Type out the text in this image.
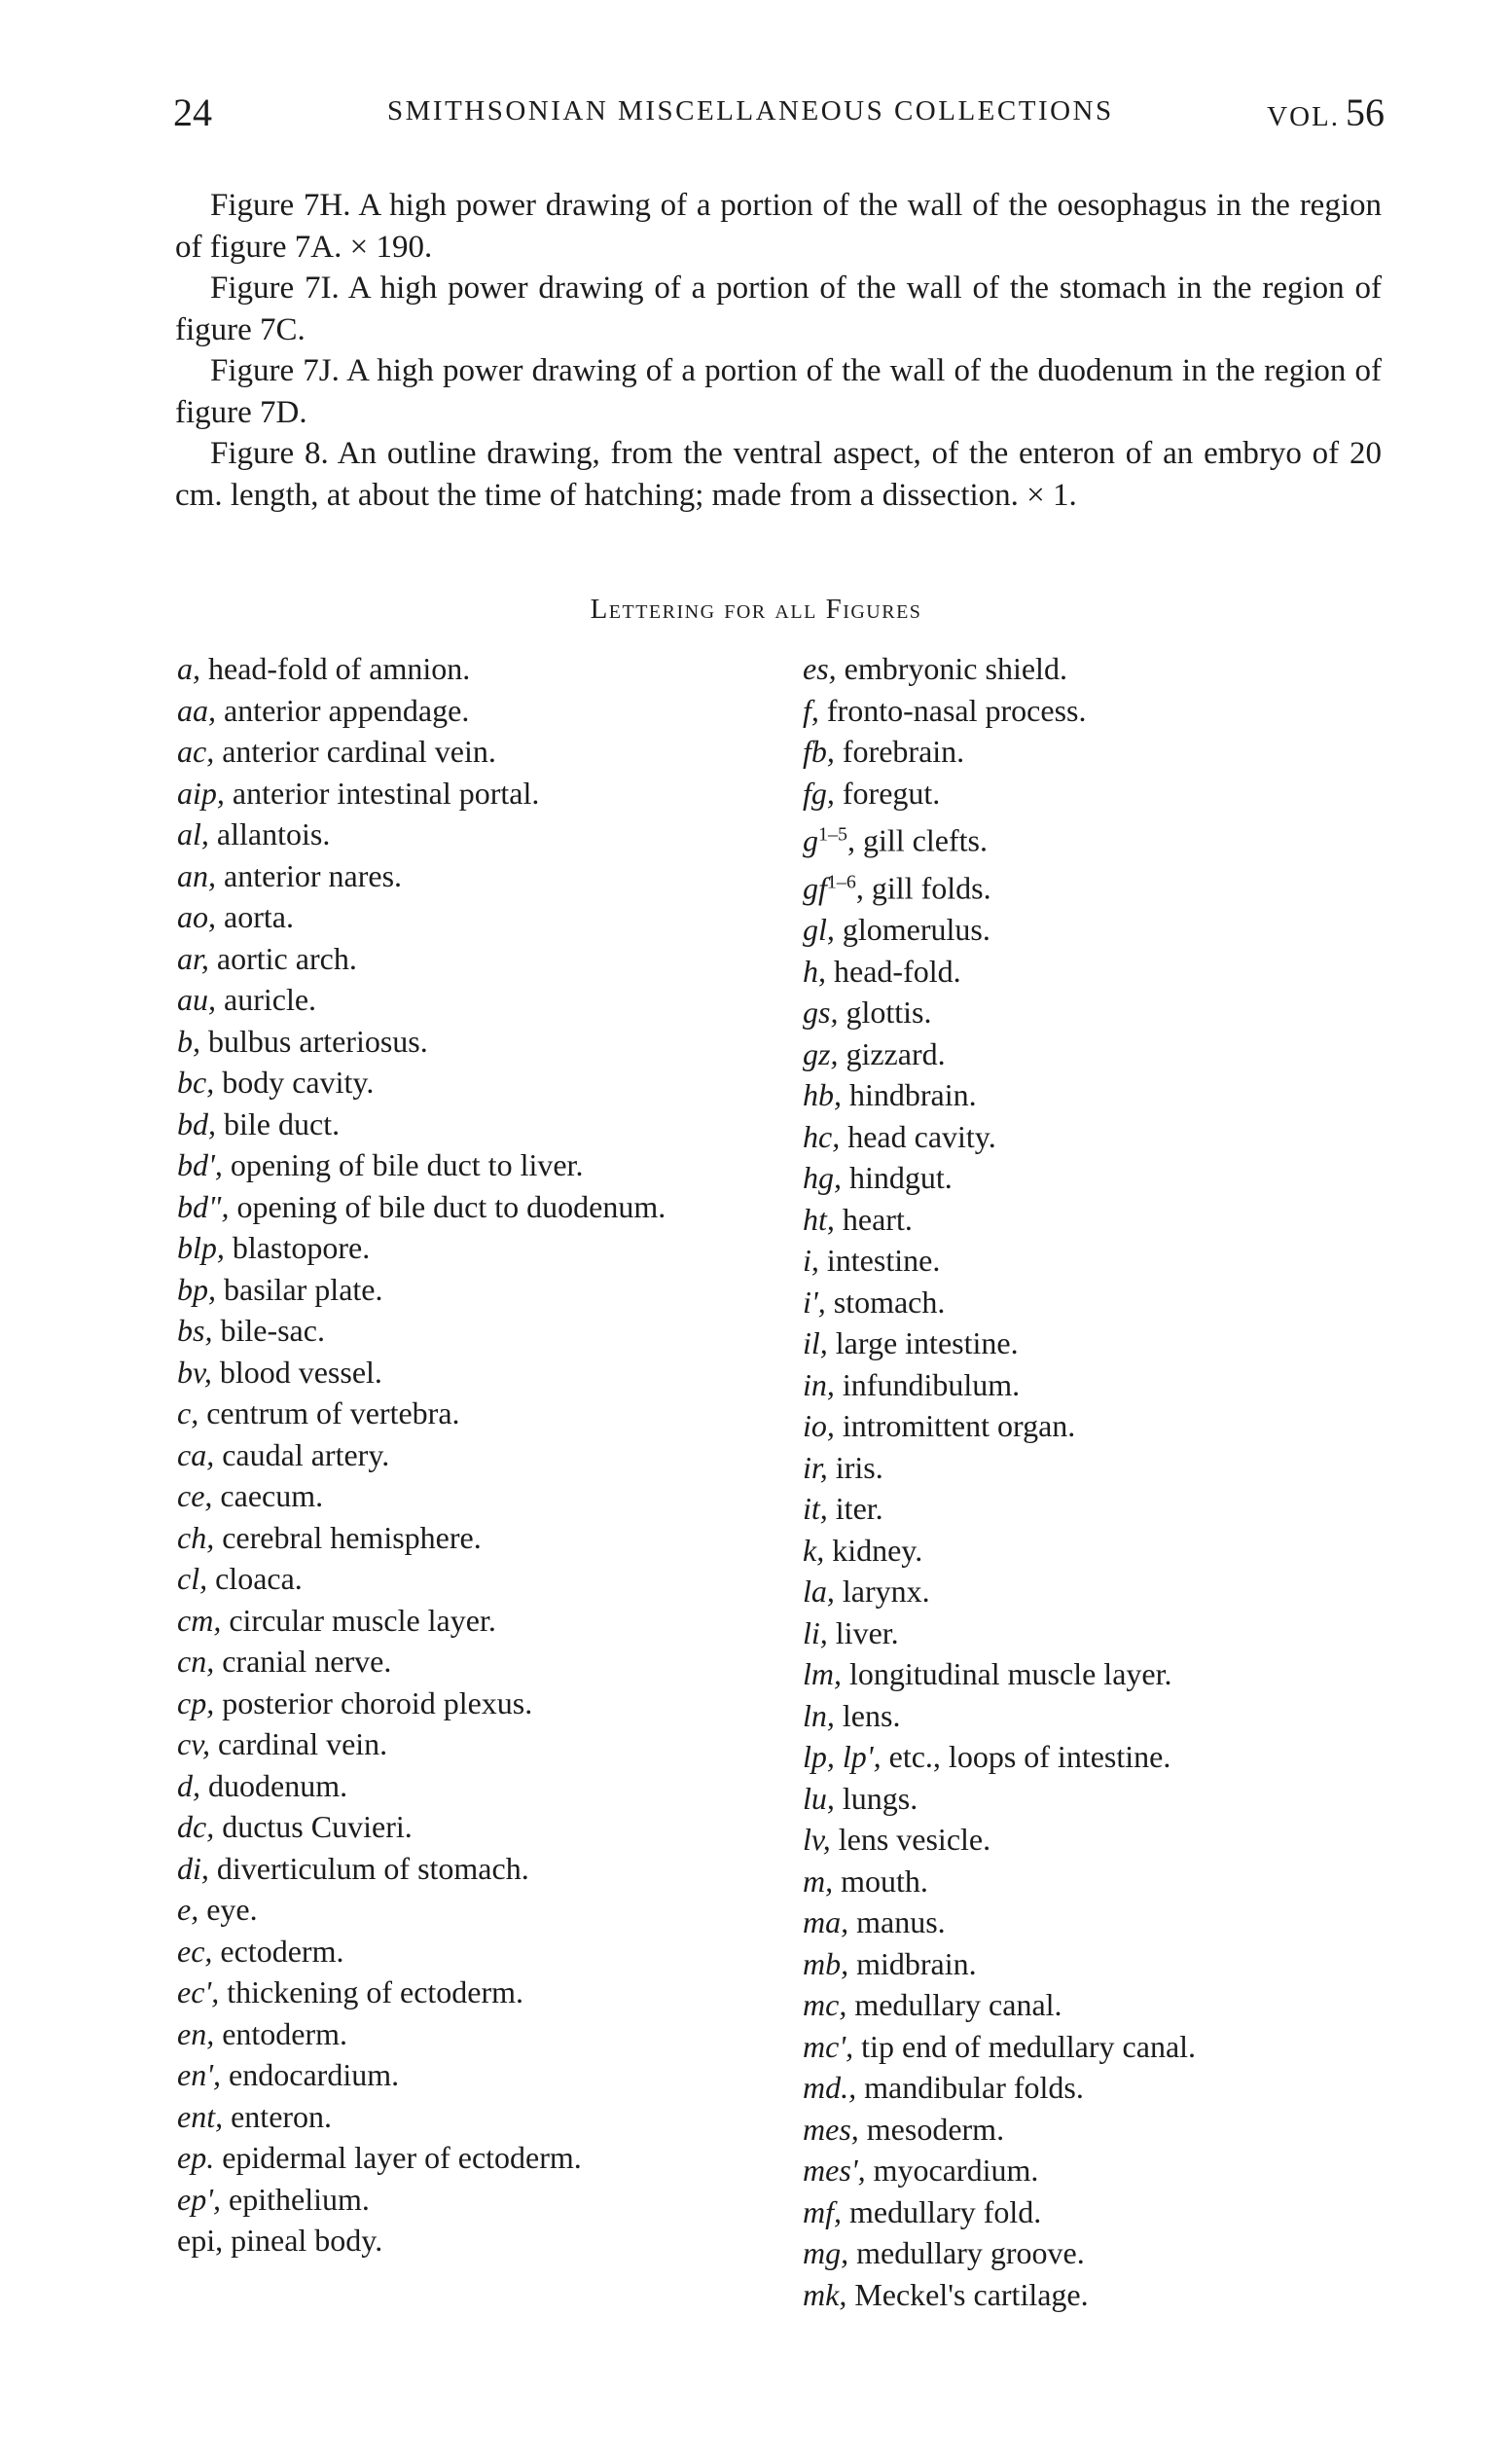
24	SMITHSONIAN MISCELLANEOUS COLLECTIONS	VOL. 56

Figure 7H. A high power drawing of a portion of the wall of the oesophagus in the region of figure 7A. × 190.

Figure 7I. A high power drawing of a portion of the wall of the stomach in the region of figure 7C.

Figure 7J. A high power drawing of a portion of the wall of the duodenum in the region of figure 7D.

Figure 8. An outline drawing, from the ventral aspect, of the enteron of an embryo of 20 cm. length, at about the time of hatching; made from a dissection. × 1.

Lettering for all Figures
a, head-fold of amnion.
aa, anterior appendage.
ac, anterior cardinal vein.
aip, anterior intestinal portal.
al, allantois.
an, anterior nares.
ao, aorta.
ar, aortic arch.
au, auricle.
b, bulbus arteriosus.
bc, body cavity.
bd, bile duct.
bd', opening of bile duct to liver.
bd", opening of bile duct to duodenum.
blp, blastopore.
bp, basilar plate.
bs, bile-sac.
bv, blood vessel.
c, centrum of vertebra.
ca, caudal artery.
ce, caecum.
ch, cerebral hemisphere.
cl, cloaca.
cm, circular muscle layer.
cn, cranial nerve.
cp, posterior choroid plexus.
cv, cardinal vein.
d, duodenum.
dc, ductus Cuvieri.
di, diverticulum of stomach.
e, eye.
ec, ectoderm.
ec', thickening of ectoderm.
en, entoderm.
en', endocardium.
ent, enteron.
ep. epidermal layer of ectoderm.
ep', epithelium.
epi, pineal body.
es, embryonic shield.
f, fronto-nasal process.
fb, forebrain.
fg, foregut.
$g^{1-5}$, gill clefts.
$gf^{1-6}$, gill folds.
gl, glomerulus.
h, head-fold.
gs, glottis.
gz, gizzard.
hb, hindbrain.
hc, head cavity.
hg, hindgut.
ht, heart.
i, intestine.
i', stomach.
il, large intestine.
in, infundibulum.
io, intromittent organ.
ir, iris.
it, iter.
k, kidney.
la, larynx.
li, liver.
lm, longitudinal muscle layer.
ln, lens.
lp, lp', etc., loops of intestine.
lu, lungs.
lv, lens vesicle.
m, mouth.
ma, manus.
mb, midbrain.
mc, medullary canal.
mc', tip end of medullary canal.
md., mandibular folds.
mes, mesoderm.
mes', myocardium.
mf, medullary fold.
mg, medullary groove.
mk, Meckel's cartilage.
